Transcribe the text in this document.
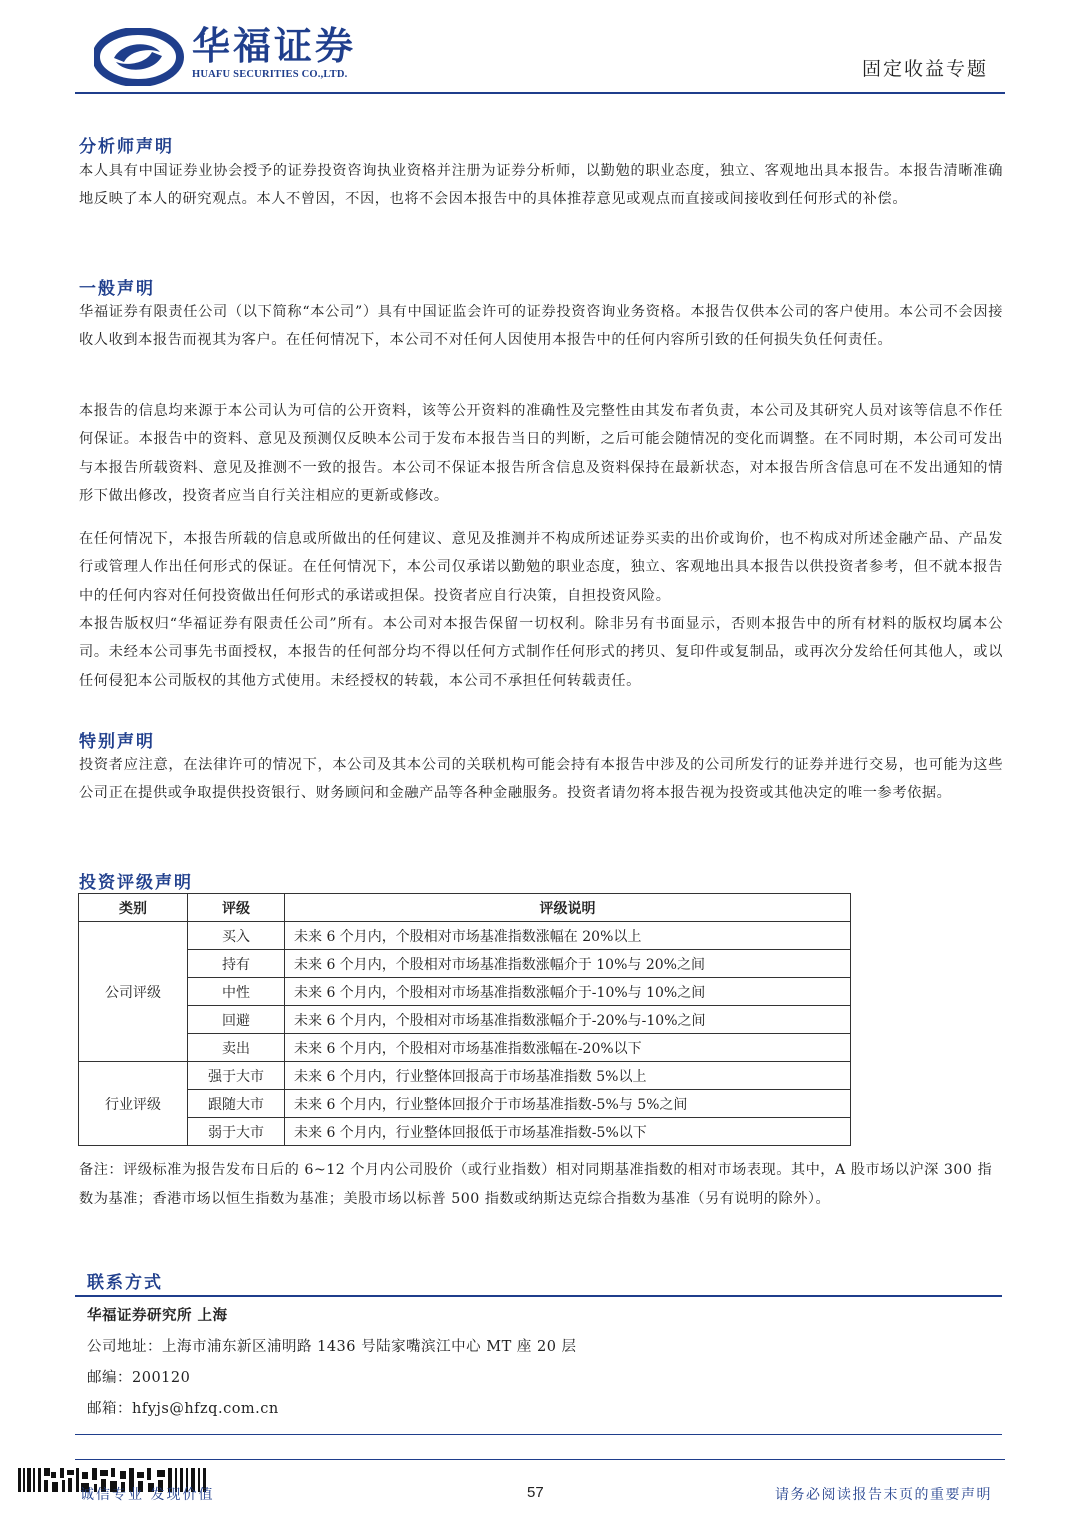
华福证券
HUAFU SECURITIES CO.,LTD.	固定收益专题
分析师声明

本人具有中国证券业协会授予的证券投资咨询执业资格并注册为证券分析师，以勤勉的职业态度，独立、客观地出具本报告。本报告清晰准确地反映了本人的研究观点。本人不曾因，不因，也将不会因本报告中的具体推荐意见或观点而直接或间接收到任何形式的补偿。

一般声明

华福证券有限责任公司（以下简称“本公司”）具有中国证监会许可的证券投资咨询业务资格。本报告仅供本公司的客户使用。本公司不会因接收人收到本报告而视其为客户。在任何情况下，本公司不对任何人因使用本报告中的任何内容所引致的任何损失负任何责任。

本报告的信息均来源于本公司认为可信的公开资料，该等公开资料的准确性及完整性由其发布者负责，本公司及其研究人员对该等信息不作任何保证。本报告中的资料、意见及预测仅反映本公司于发布本报告当日的判断，之后可能会随情况的变化而调整。在不同时期，本公司可发出与本报告所载资料、意见及推测不一致的报告。本公司不保证本报告所含信息及资料保持在最新状态，对本报告所含信息可在不发出通知的情形下做出修改，投资者应当自行关注相应的更新或修改。

在任何情况下，本报告所载的信息或所做出的任何建议、意见及推测并不构成所述证券买卖的出价或询价，也不构成对所述金融产品、产品发行或管理人作出任何形式的保证。在任何情况下，本公司仅承诺以勤勉的职业态度，独立、客观地出具本报告以供投资者参考，但不就本报告中的任何内容对任何投资做出任何形式的承诺或担保。投资者应自行决策，自担投资风险。

本报告版权归“华福证券有限责任公司”所有。本公司对本报告保留一切权利。除非另有书面显示，否则本报告中的所有材料的版权均属本公司。未经本公司事先书面授权，本报告的任何部分均不得以任何方式制作任何形式的拷贝、复印件或复制品，或再次分发给任何其他人，或以任何侵犯本公司版权的其他方式使用。未经授权的转载，本公司不承担任何转载责任。

特别声明

投资者应注意，在法律许可的情况下，本公司及其本公司的关联机构可能会持有本报告中涉及的公司所发行的证券并进行交易，也可能为这些公司正在提供或争取提供投资银行、财务顾问和金融产品等各种金融服务。投资者请勿将本报告视为投资或其他决定的唯一参考依据。

投资评级声明
类别	评级	评级说明
公司评级	买入	未来 6 个月内，个股相对市场基准指数涨幅在 20%以上
	持有	未来 6 个月内，个股相对市场基准指数涨幅介于 10%与 20%之间
	中性	未来 6 个月内，个股相对市场基准指数涨幅介于-10%与 10%之间
	回避	未来 6 个月内，个股相对市场基准指数涨幅介于-20%与-10%之间
	卖出	未来 6 个月内，个股相对市场基准指数涨幅在-20%以下
行业评级	强于大市	未来 6 个月内，行业整体回报高于市场基准指数 5%以上
	跟随大市	未来 6 个月内，行业整体回报介于市场基准指数-5%与 5%之间
	弱于大市	未来 6 个月内，行业整体回报低于市场基准指数-5%以下

备注：评级标准为报告发布日后的 6~12 个月内公司股价（或行业指数）相对同期基准指数的相对市场表现。其中，A 股市场以沪深 300 指数为基准；香港市场以恒生指数为基准；美股市场以标普 500 指数或纳斯达克综合指数为基准（另有说明的除外）。

联系方式
华福证券研究所 上海
公司地址：上海市浦东新区浦明路 1436 号陆家嘴滨江中心 MT 座 20 层
邮编：200120
邮箱：hfyjs@hfzq.com.cn
诚信专业 发现价值	57	请务必阅读报告末页的重要声明
